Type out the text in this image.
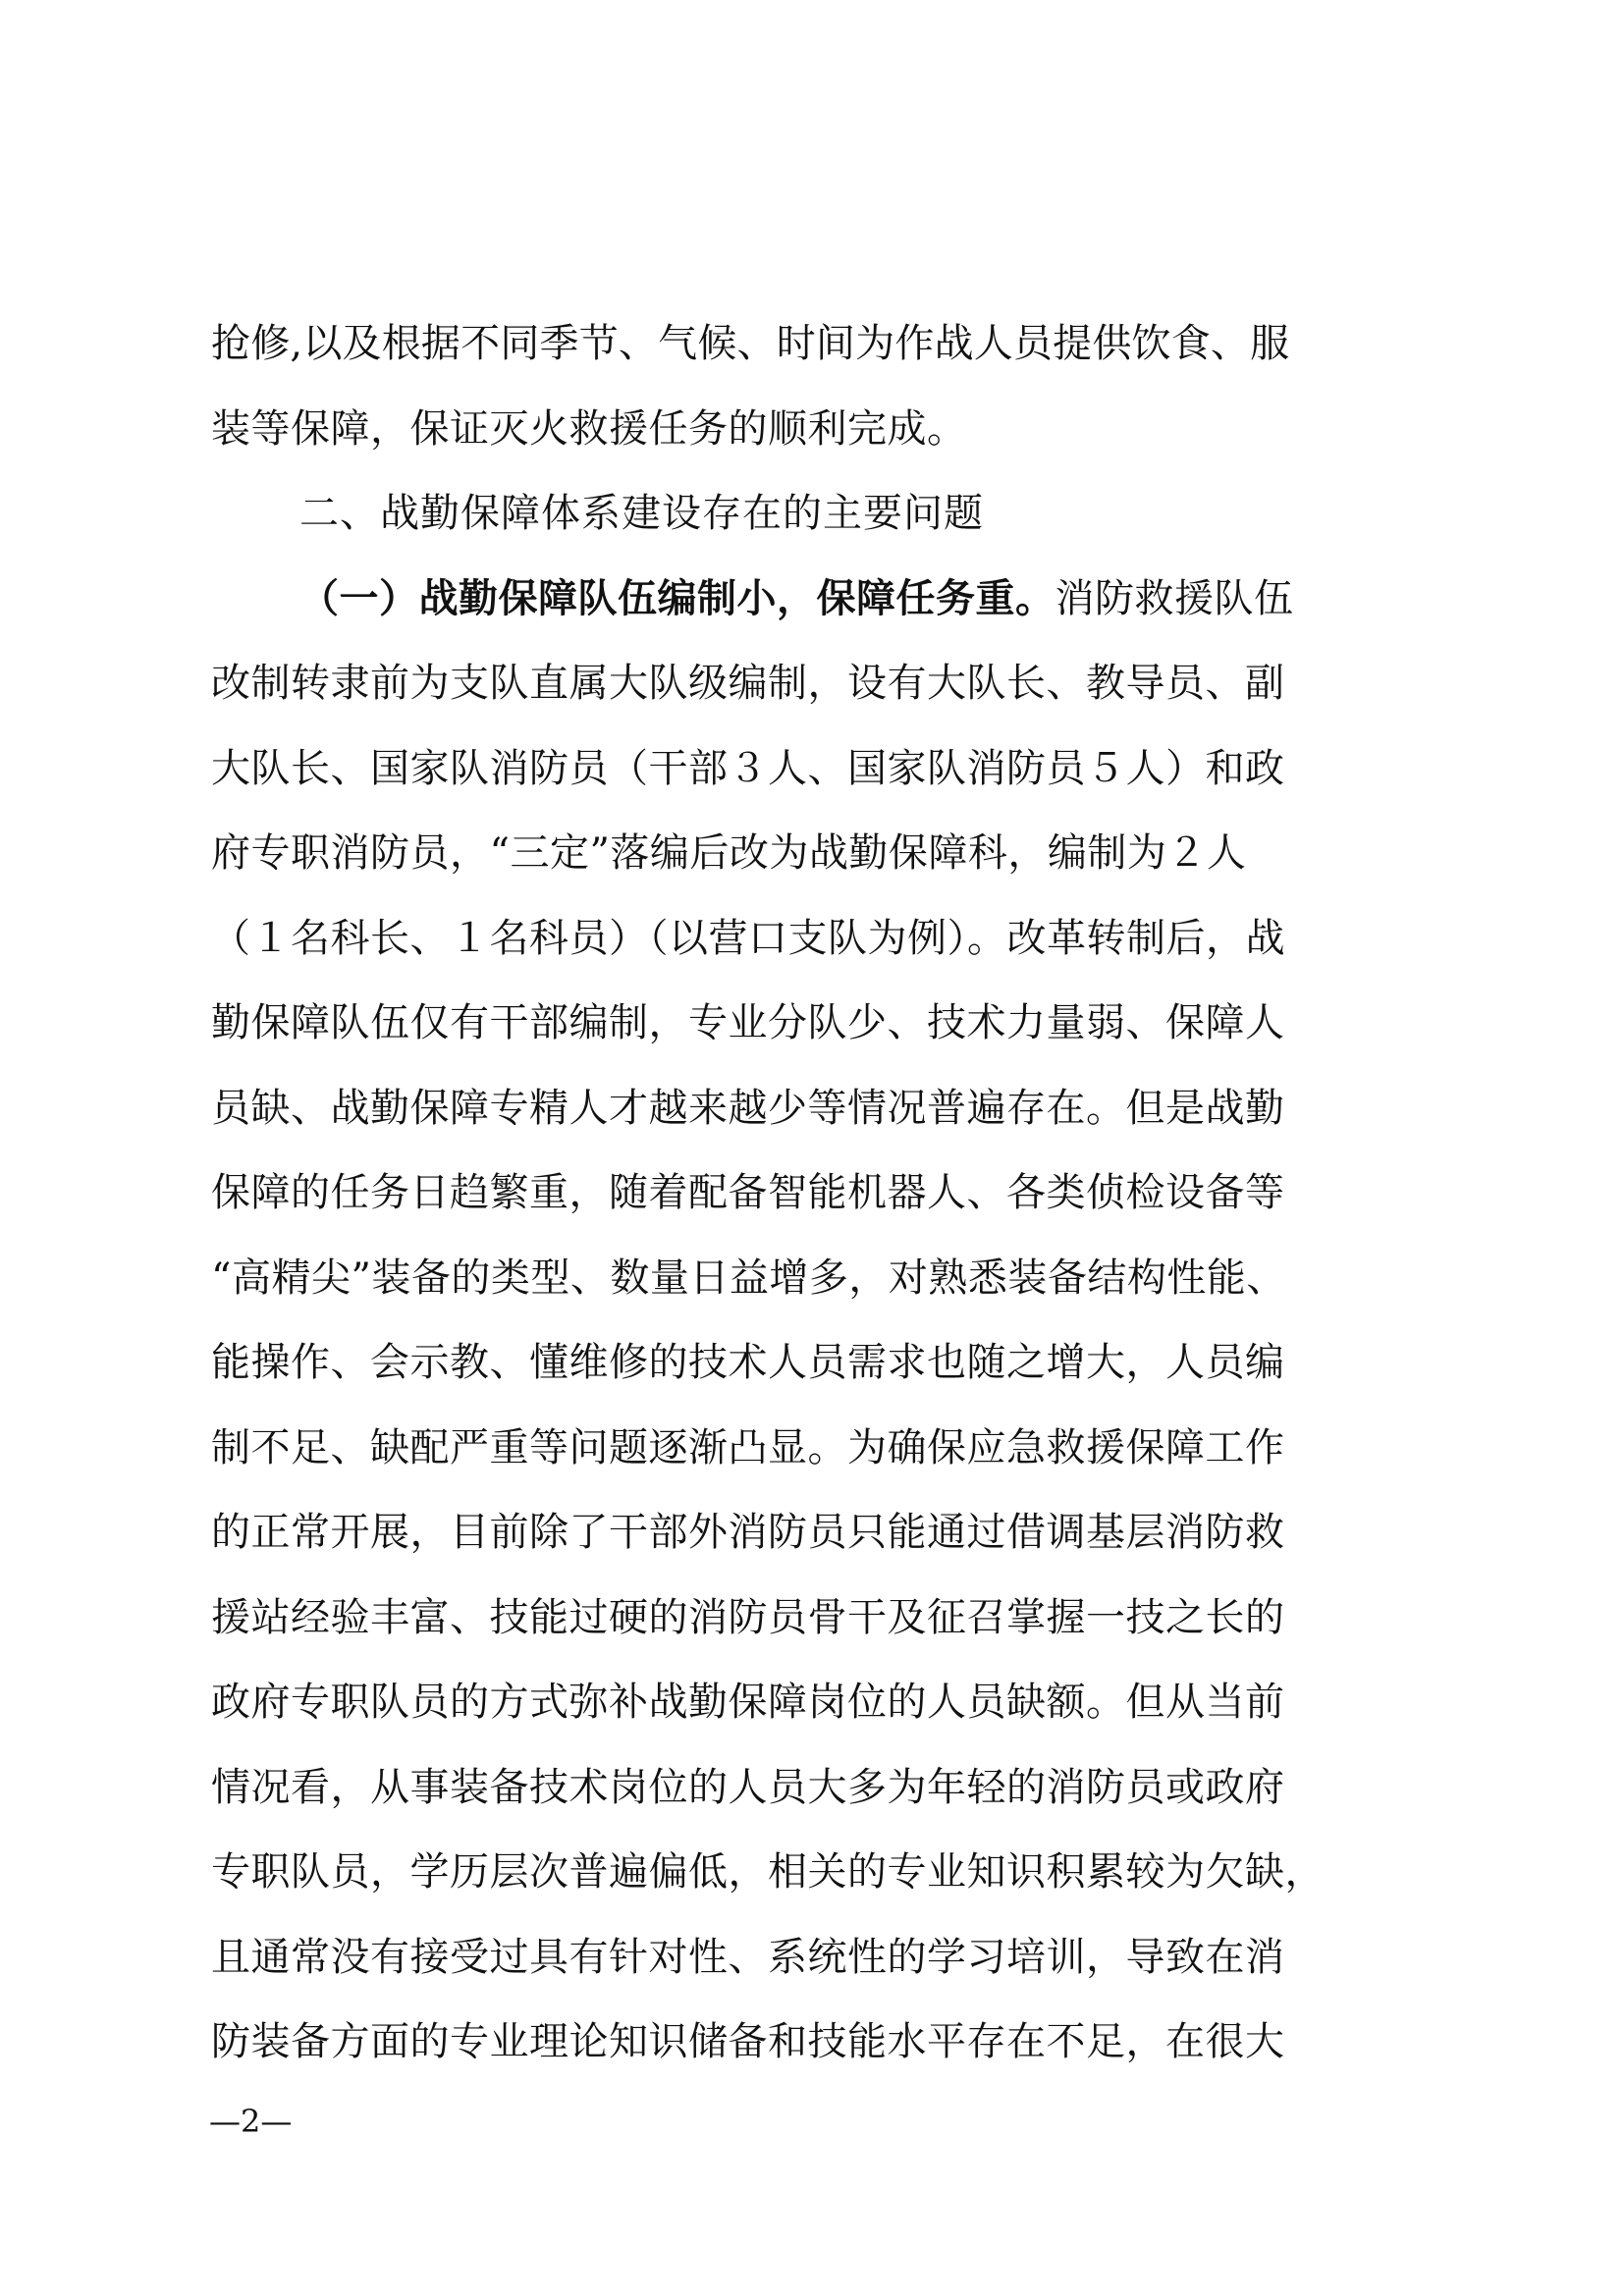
抢修,以及根据不同季节、气候、时间为作战人员提供饮食、服
装等保障，保证灭火救援任务的顺利完成。
二、战勤保障体系建设存在的主要问题
（一）战勤保障队伍编制小，保障任务重。消防救援队伍
改制转隶前为支队直属大队级编制，设有大队长、教导员、副
大队长、国家队消防员（干部３人、国家队消防员５人）和政
府专职消防员，“三定”落编后改为战勤保障科，编制为２人
（１名科长、１名科员）（以营口支队为例）。改革转制后，战
勤保障队伍仅有干部编制，专业分队少、技术力量弱、保障人
员缺、战勤保障专精人才越来越少等情况普遍存在。但是战勤
保障的任务日趋繁重，随着配备智能机器人、各类侦检设备等
“高精尖”装备的类型、数量日益增多，对熟悉装备结构性能、
能操作、会示教、懂维修的技术人员需求也随之增大，人员编
制不足、缺配严重等问题逐渐凸显。为确保应急救援保障工作
的正常开展，目前除了干部外消防员只能通过借调基层消防救
援站经验丰富、技能过硬的消防员骨干及征召掌握一技之长的
政府专职队员的方式弥补战勤保障岗位的人员缺额。但从当前
情况看，从事装备技术岗位的人员大多为年轻的消防员或政府
专职队员，学历层次普遍偏低，相关的专业知识积累较为欠缺，
且通常没有接受过具有针对性、系统性的学习培训，导致在消
防装备方面的专业理论知识储备和技能水平存在不足，在很大
—2—
